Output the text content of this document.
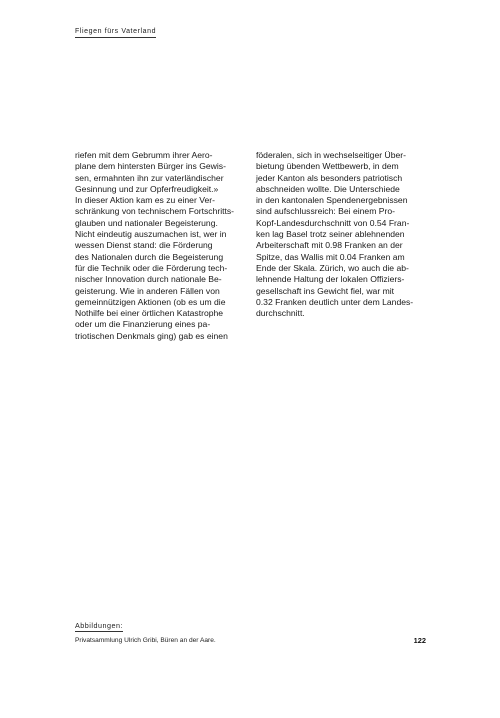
Fliegen fürs Vaterland
riefen mit dem Gebrumm ihrer Aero-
plane dem hintersten Bürger ins Gewis-
sen, ermahnten ihn zur vaterländischer
Gesinnung und zur Opferfreudigkeit.»
In dieser Aktion kam es zu einer Ver-
schränkung von technischem Fortschritts-
glauben und nationaler Begeisterung.
Nicht eindeutig auszumachen ist, wer in
wessen Dienst stand: die Förderung
des Nationalen durch die Begeisterung
für die Technik oder die Förderung tech-
nischer Innovation durch nationale Be-
geisterung. Wie in anderen Fällen von
gemeinnützigen Aktionen (ob es um die
Nothilfe bei einer örtlichen Katastrophe
oder um die Finanzierung eines pa-
triotischen Denkmals ging) gab es einen
föderalen, sich in wechselseitiger Über-
bietung übenden Wettbewerb, in dem
jeder Kanton als besonders patriotisch
abschneiden wollte. Die Unterschiede
in den kantonalen Spendenergebnissen
sind aufschlussreich: Bei einem Pro-
Kopf-Landesdurchschnitt von 0.54 Fran-
ken lag Basel trotz seiner ablehnenden
Arbeiterschaft mit 0.98 Franken an der
Spitze, das Wallis mit 0.04 Franken am
Ende der Skala. Zürich, wo auch die ab-
lehnende Haltung der lokalen Offiziers-
gesellschaft ins Gewicht fiel, war mit
0.32 Franken deutlich unter dem Landes-
durchschnitt.
Abbildungen:
Privatsammlung Ulrich Gribi, Büren an der Aare.	122
